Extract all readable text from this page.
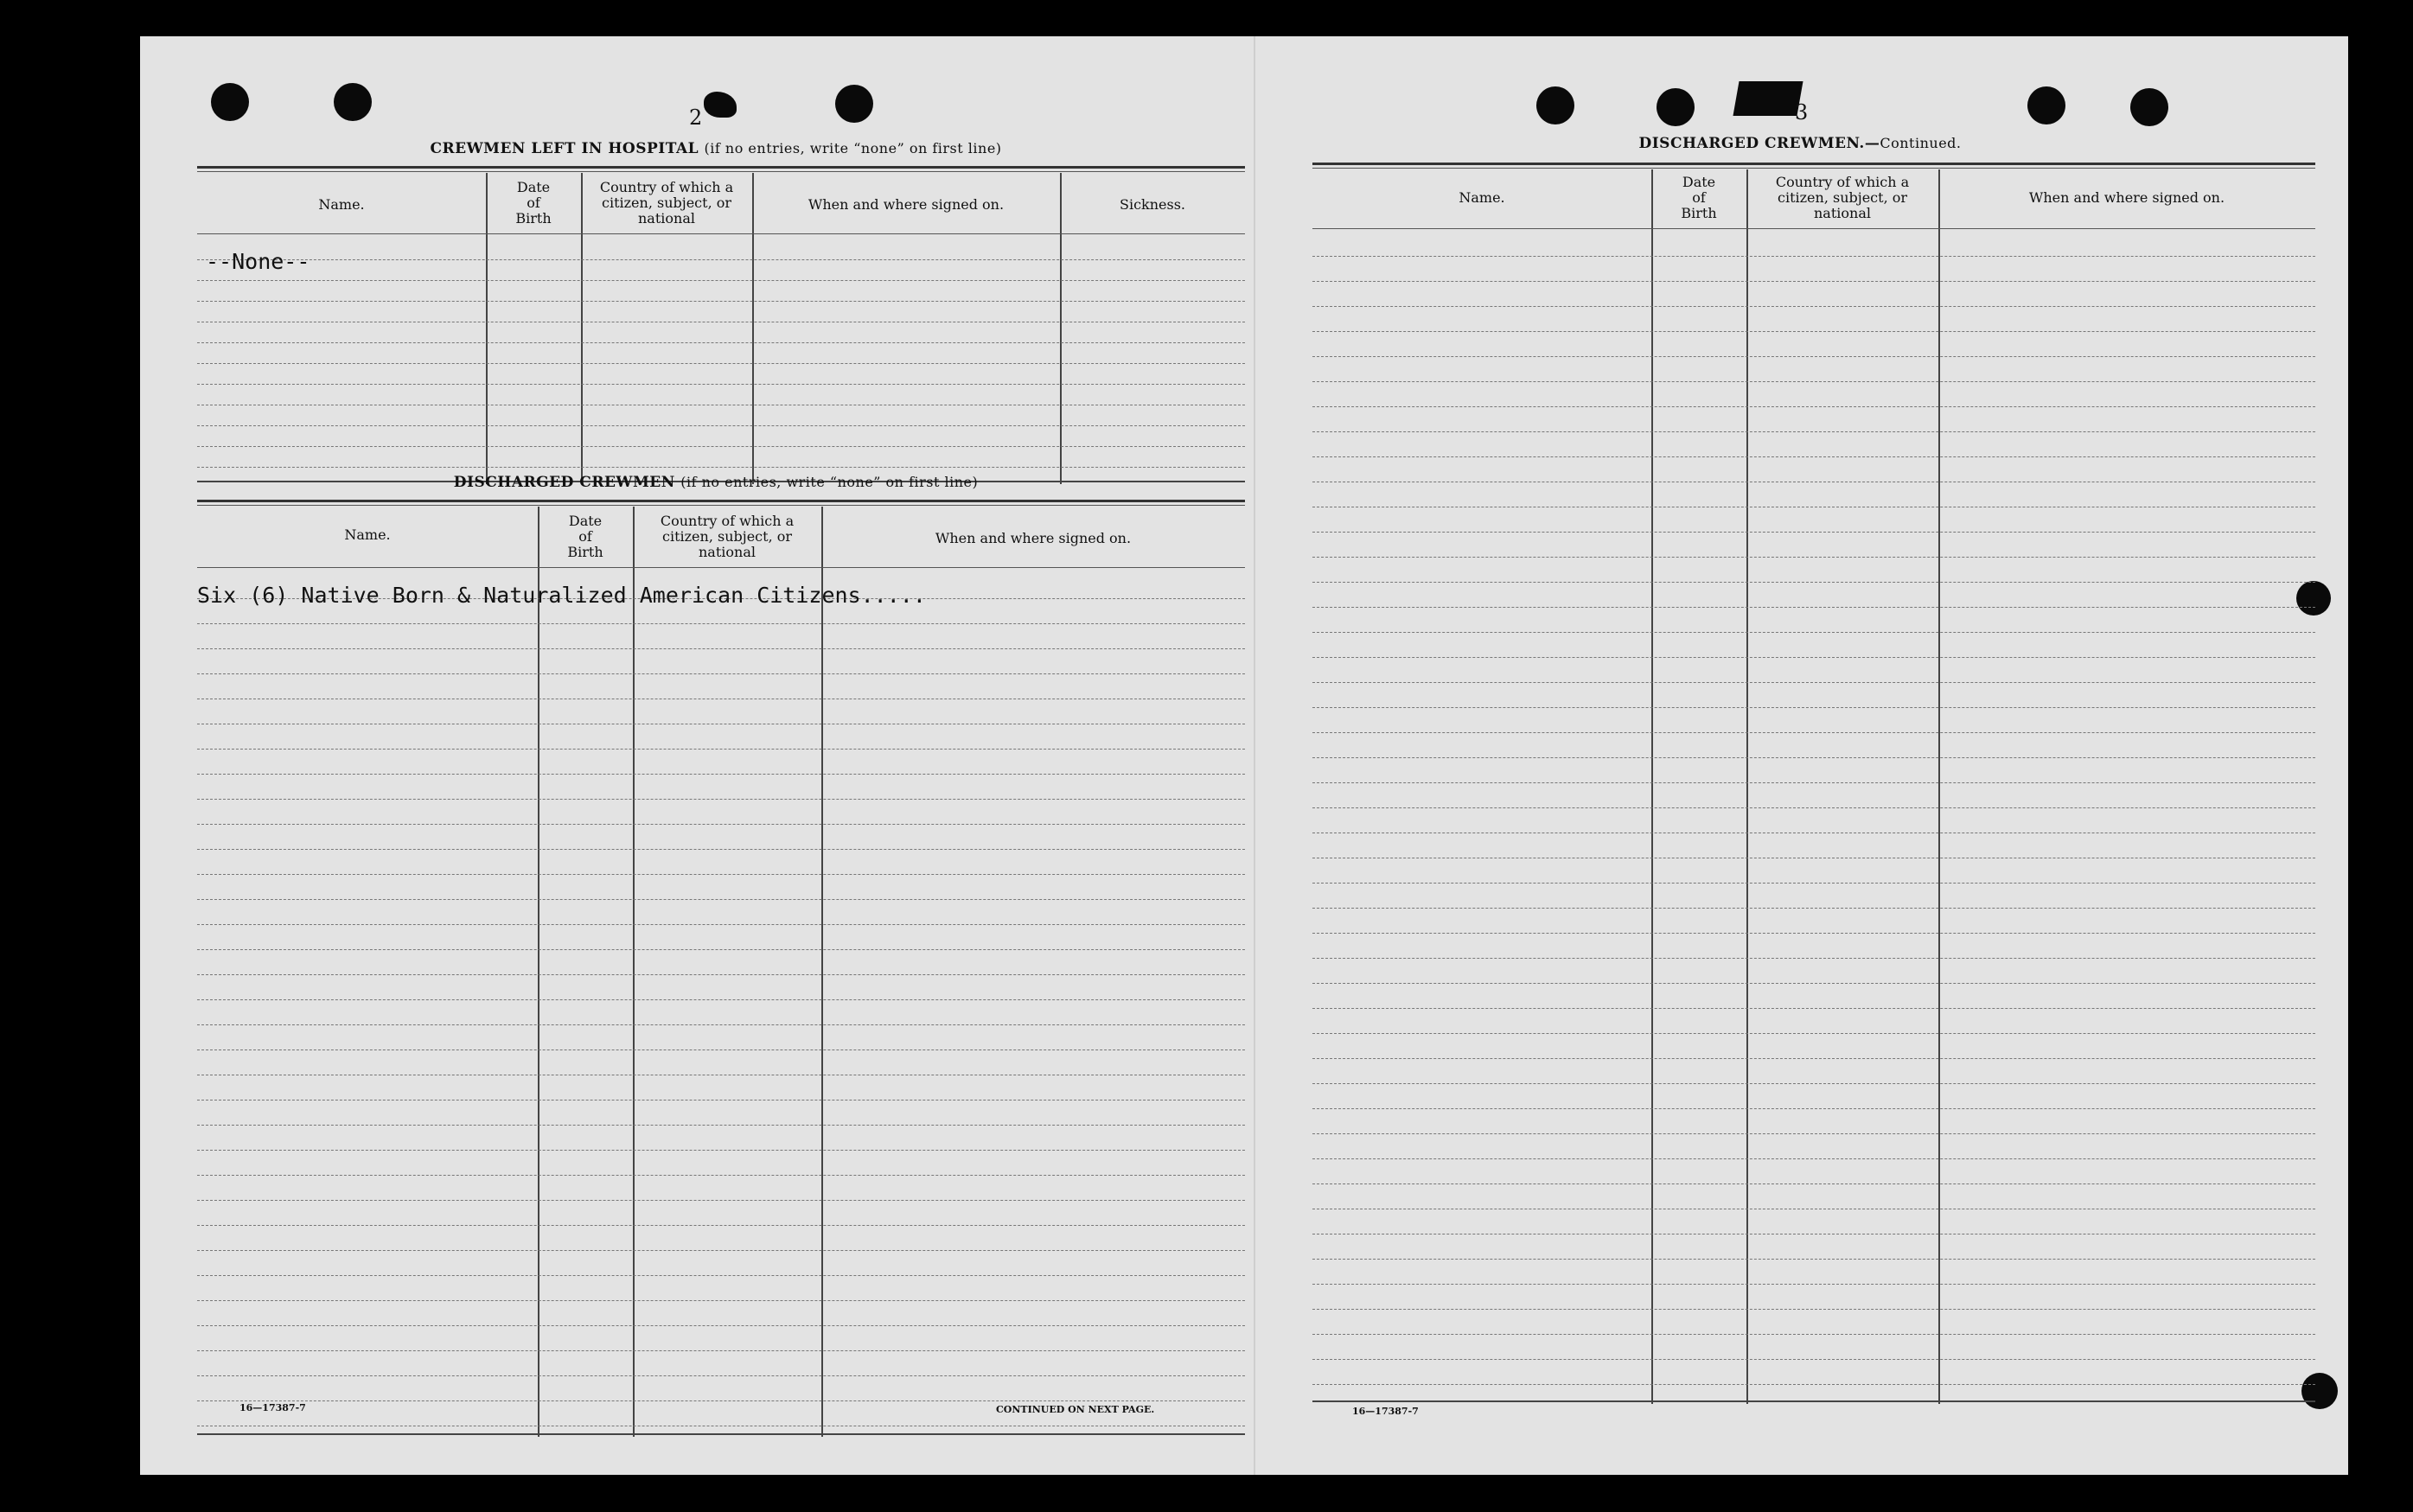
2
CREWMEN LEFT IN HOSPITAL (if no entries, write “none” on first line)
Name.
Date
of
Birth
Country of which a
citizen, subject, or
national
When and where signed on.	Sickness.
--None--
DISCHARGED CREWMEN (if no entries, write “none” on first line)
Name.
Date
of
Birth
Country of which a
citizen, subject, or
national
When and where signed on.
Six (6) Native Born & Naturalized American Citizens.....
16—17387-7	CONTINUED ON NEXT PAGE.
3
DISCHARGED CREWMEN.—Continued.
Name.
Date
of
Birth
Country of which a
citizen, subject, or
national
When and where signed on.
16—17387-7
